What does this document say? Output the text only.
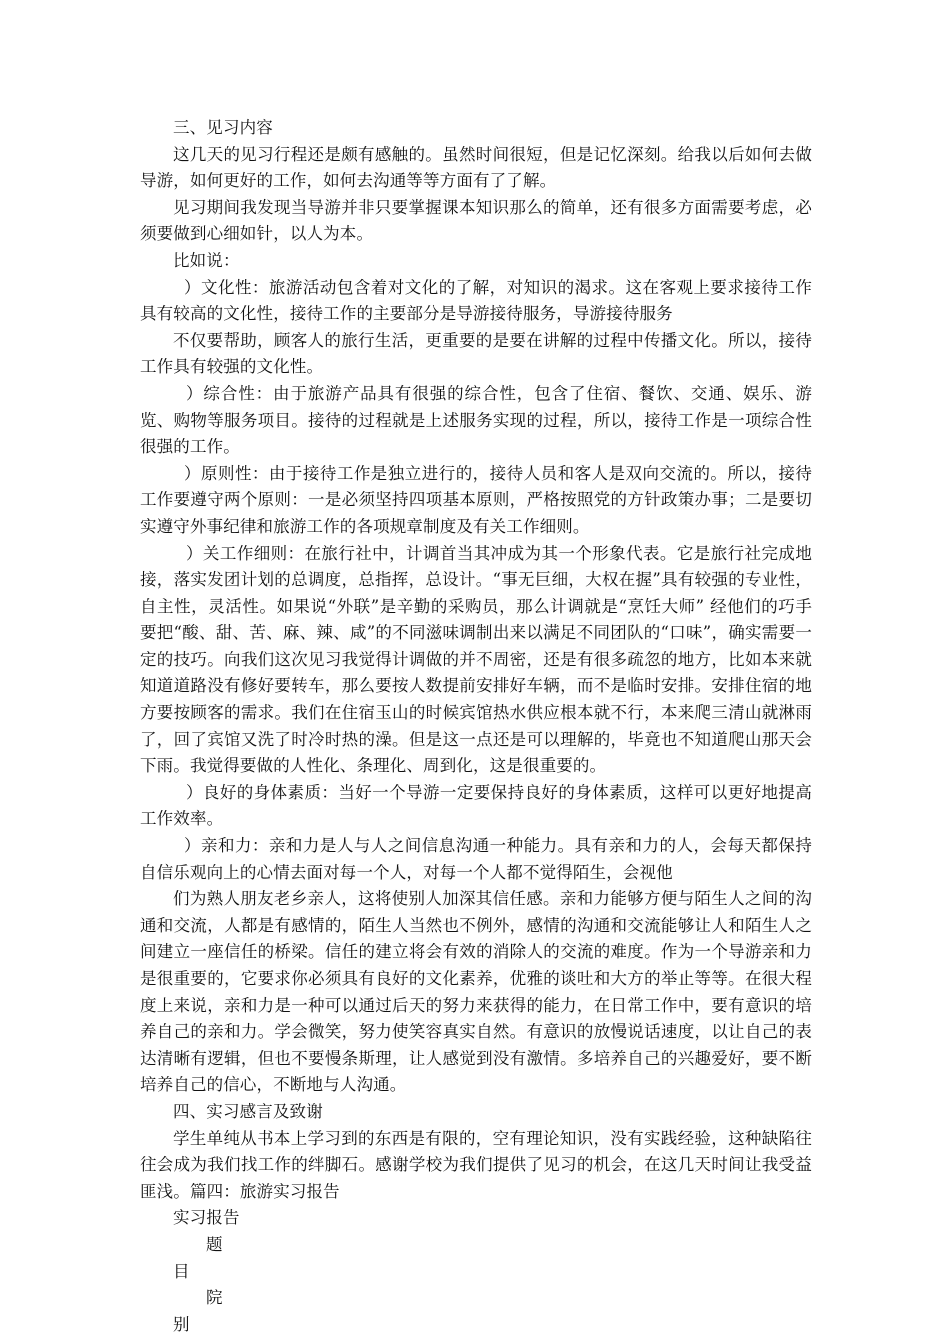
三、见习内容

这几天的见习行程还是颇有感触的。虽然时间很短，但是记忆深刻。给我以后如何去做导游，如何更好的工作，如何去沟通等等方面有了了解。

见习期间我发现当导游并非只要掌握课本知识那么的简单，还有很多方面需要考虑，必须要做到心细如针，以人为本。

比如说：

）文化性：旅游活动包含着对文化的了解，对知识的渴求。这在客观上要求接待工作具有较高的文化性，接待工作的主要部分是导游接待服务，导游接待服务

不仅要帮助，顾客人的旅行生活，更重要的是要在讲解的过程中传播文化。所以，接待工作具有较强的文化性。

）综合性：由于旅游产品具有很强的综合性，包含了住宿、餐饮、交通、娱乐、游览、购物等服务项目。接待的过程就是上述服务实现的过程，所以，接待工作是一项综合性很强的工作。

）原则性：由于接待工作是独立进行的，接待人员和客人是双向交流的。所以，接待工作要遵守两个原则：一是必须坚持四项基本原则，严格按照党的方针政策办事；二是要切实遵守外事纪律和旅游工作的各项规章制度及有关工作细则。

）关工作细则：在旅行社中，计调首当其冲成为其一个形象代表。它是旅行社完成地接，落实发团计划的总调度，总指挥，总设计。“事无巨细，大权在握”具有较强的专业性，自主性，灵活性。如果说“外联”是辛勤的采购员，那么计调就是“烹饪大师” 经他们的巧手要把“酸、甜、苦、麻、辣、咸”的不同滋味调制出来以满足不同团队的“口味”，确实需要一定的技巧。向我们这次见习我觉得计调做的并不周密，还是有很多疏忽的地方，比如本来就知道道路没有修好要转车，那么要按人数提前安排好车辆，而不是临时安排。安排住宿的地方要按顾客的需求。我们在住宿玉山的时候宾馆热水供应根本就不行，本来爬三清山就淋雨了，回了宾馆又洗了时冷时热的澡。但是这一点还是可以理解的，毕竟也不知道爬山那天会下雨。我觉得要做的人性化、条理化、周到化，这是很重要的。

）良好的身体素质：当好一个导游一定要保持良好的身体素质，这样可以更好地提高工作效率。

）亲和力：亲和力是人与人之间信息沟通一种能力。具有亲和力的人，会每天都保持自信乐观向上的心情去面对每一个人，对每一个人都不觉得陌生，会视他

们为熟人朋友老乡亲人，这将使别人加深其信任感。亲和力能够方便与陌生人之间的沟通和交流，人都是有感情的，陌生人当然也不例外，感情的沟通和交流能够让人和陌生人之间建立一座信任的桥梁。信任的建立将会有效的消除人的交流的难度。作为一个导游亲和力是很重要的，它要求你必须具有良好的文化素养，优雅的谈吐和大方的举止等等。在很大程度上来说，亲和力是一种可以通过后天的努力来获得的能力，在日常工作中，要有意识的培养自己的亲和力。学会微笑，努力使笑容真实自然。有意识的放慢说话速度，以让自己的表达清晰有逻辑，但也不要慢条斯理，让人感觉到没有激情。多培养自己的兴趣爱好，要不断培养自己的信心，不断地与人沟通。

四、实习感言及致谢

学生单纯从书本上学习到的东西是有限的，空有理论知识，没有实践经验，这种缺陷往往会成为我们找工作的绊脚石。感谢学校为我们提供了见习的机会，在这几天时间让我受益匪浅。篇四：旅游实习报告

实习报告

题　目

院　别
